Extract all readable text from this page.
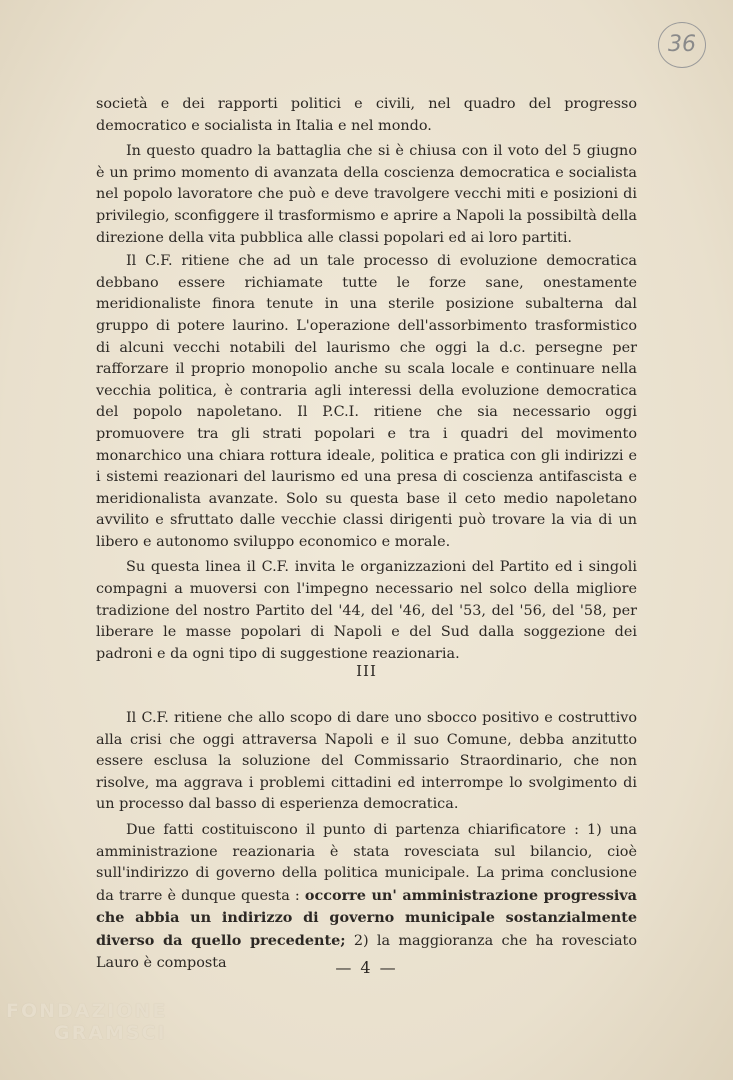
36

società e dei rapporti politici e civili, nel quadro del progresso democratico e socialista in Italia e nel mondo.

In questo quadro la battaglia che si è chiusa con il voto del 5 giugno è un primo momento di avanzata della coscienza democratica e socialista nel popolo lavoratore che può e deve travolgere vecchi miti e posizioni di privilegio, sconfiggere il trasformismo e aprire a Napoli la possibiltà della direzione della vita pubblica alle classi popolari ed ai loro partiti.

Il C.F. ritiene che ad un tale processo di evoluzione democratica debbano essere richiamate tutte le forze sane, onestamente meridionaliste finora tenute in una sterile posizione subalterna dal gruppo di potere laurino. L'operazione dell'assorbimento trasformistico di alcuni vecchi notabili del laurismo che oggi la d.c. persegne per rafforzare il proprio monopolio anche su scala locale e continuare nella vecchia politica, è contraria agli interessi della evoluzione democratica del popolo napoletano. Il P.C.I. ritiene che sia necessario oggi promuovere tra gli strati popolari e tra i quadri del movimento monarchico una chiara rottura ideale, politica e pratica con gli indirizzi e i sistemi reazionari del laurismo ed una presa di coscienza antifascista e meridionalista avanzate. Solo su questa base il ceto medio napoletano avvilito e sfruttato dalle vecchie classi dirigenti può trovare la via di un libero e autonomo sviluppo economico e morale.

Su questa linea il C.F. invita le organizzazioni del Partito ed i singoli compagni a muoversi con l'impegno necessario nel solco della migliore tradizione del nostro Partito del '44, del '46, del '53, del '56, del '58, per liberare le masse popolari di Napoli e del Sud dalla soggezione dei padroni e da ogni tipo di suggestione reazionaria.

III

Il C.F. ritiene che allo scopo di dare uno sbocco positivo e costruttivo alla crisi che oggi attraversa Napoli e il suo Comune, debba anzitutto essere esclusa la soluzione del Commissario Straordinario, che non risolve, ma aggrava i problemi cittadini ed interrompe lo svolgimento di un processo dal basso di esperienza democratica.

Due fatti costituiscono il punto di partenza chiarificatore : 1) una amministrazione reazionaria è stata rovesciata sul bilancio, cioè sull'indirizzo di governo della politica municipale. La prima conclusione da trarre è dunque questa : occorre un' amministrazione progressiva che abbia un indirizzo di governo municipale sostanzialmente diverso da quello precedente; 2) la maggioranza che ha rovesciato Lauro è composta	— 4 —
FONDAZIONE
GRAMSCI
